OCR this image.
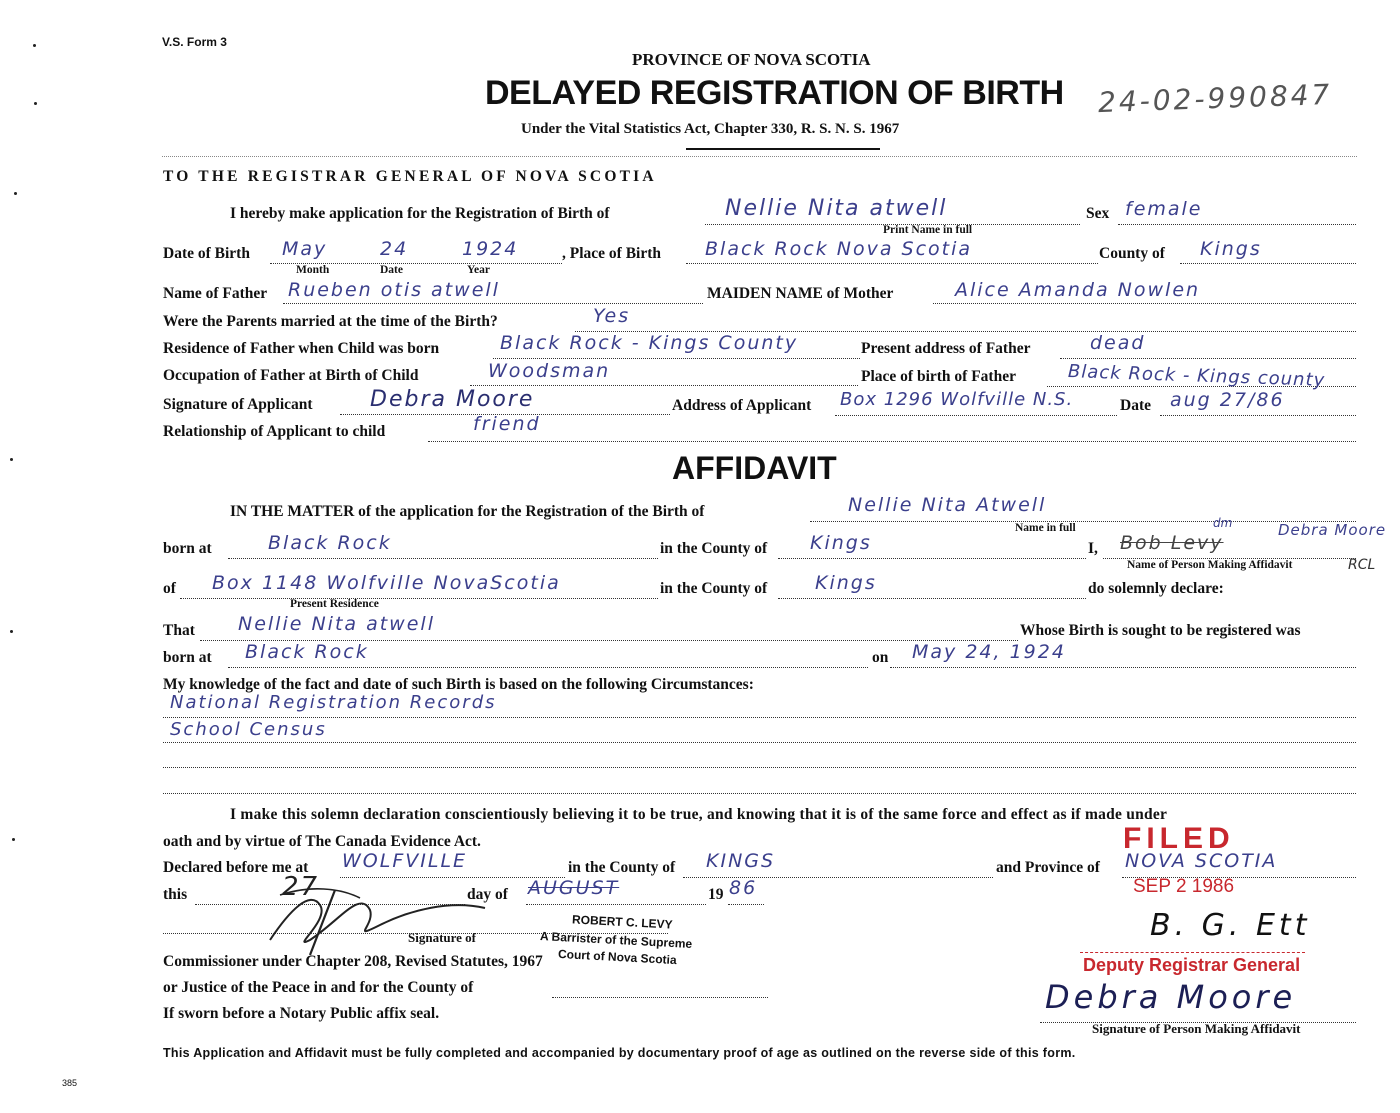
V.S. Form 3
PROVINCE OF NOVA SCOTIA
DELAYED REGISTRATION OF BIRTH 24-02-990847
Under the Vital Statistics Act, Chapter 330, R. S. N. S. 1967
TO THE REGISTRAR GENERAL OF NOVA SCOTIA
I hereby make application for the Registration of Birth of	Nellie Nita atwell	Sex female
Print Name in full
Date of Birth May	24	1924
Month	Date	Year
, Place of Birth Black Rock Nova Scotia	County of Kings
Name of Father Rueben otis atwell	MAIDEN NAME of Mother	Alice Amanda Nowlen
Were the Parents married at the time of the Birth?	Yes
Residence of Father when Child was born	Black Rock - Kings County	Present address of Father	dead
Occupation of Father at Birth of Child	Woodsman	Place of birth of Father	Black Rock - Kings county
Signature of Applicant	Debra Moore	Address of Applicant Box 1296 Wolfville N.S.	Date aug 27/86
Relationship of Applicant to child	friend
AFFIDAVIT
IN THE MATTER of the application for the Registration of the Birth of	Nellie Nita Atwell
Name in full
born at	Black Rock	in the County of Kings	I, Bob Levy
Debra Moore
dm
Name of Person Making Affidavit	RCL
of Box 1148 Wolfville NovaScotia
Present Residence
in the County of	Kings	do solemnly declare:
That Nellie Nita atwell	Whose Birth is sought to be registered was
born at Black Rock	on May 24, 1924
My knowledge of the fact and date of such Birth is based on the following Circumstances:
National Registration Records
School Census
I make this solemn declaration conscientiously believing it to be true, and knowing that it is of the same force and effect as if made under
oath and by virtue of The Canada Evidence Act.
Declared before me at WOLFVILLE	in the County of KINGS	and Province of NOVA SCOTIA
this	27	day of AUGUST	19 86
Signature of
ROBERT C. LEVY
A Barrister of the Supreme
Court of Nova Scotia
Commissioner under Chapter 208, Revised Statutes, 1967
or Justice of the Peace in and for the County of
If sworn before a Notary Public affix seal.
FILED
SEP 2 1986
B. G. Ett
Deputy Registrar General
Debra Moore
Signature of Person Making Affidavit
This Application and Affidavit must be fully completed and accompanied by documentary proof of age as outlined on the reverse side of this form.
385
